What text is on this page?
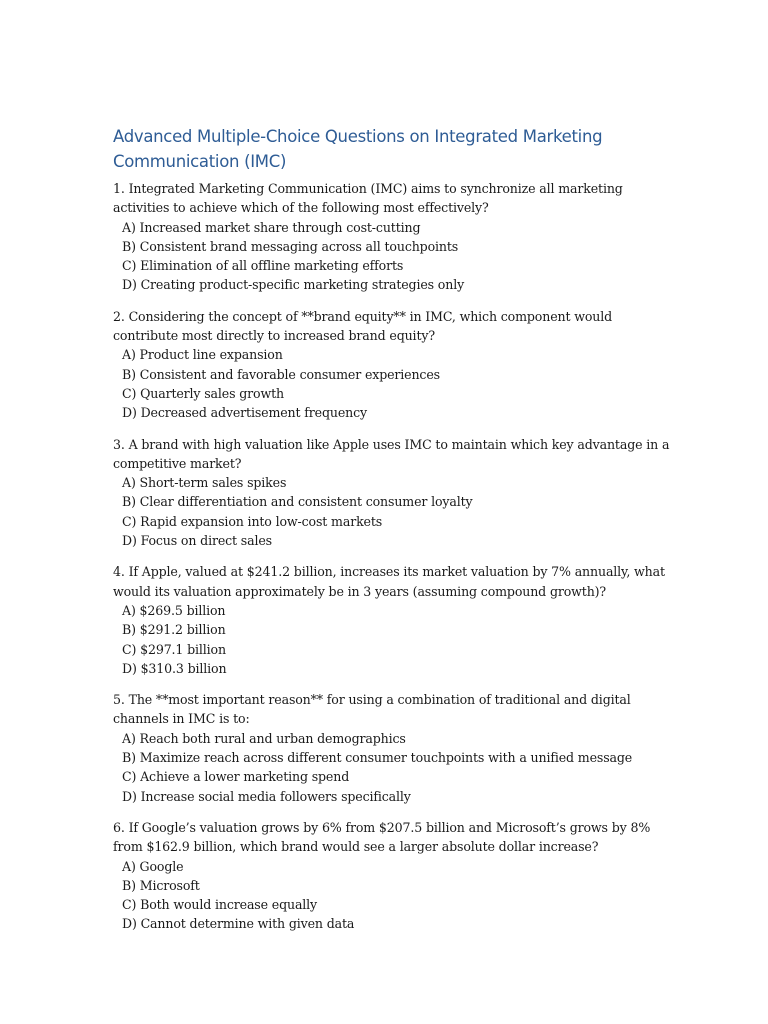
Advanced Multiple-Choice Questions on Integrated Marketing Communication (IMC)

1. Integrated Marketing Communication (IMC) aims to synchronize all marketing activities to achieve which of the following most effectively?

A) Increased market share through cost-cutting
B) Consistent brand messaging across all touchpoints
C) Elimination of all offline marketing efforts
D) Creating product-specific marketing strategies only

2. Considering the concept of **brand equity** in IMC, which component would contribute most directly to increased brand equity?

A) Product line expansion
B) Consistent and favorable consumer experiences
C) Quarterly sales growth
D) Decreased advertisement frequency

3. A brand with high valuation like Apple uses IMC to maintain which key advantage in a competitive market?

A) Short-term sales spikes
B) Clear differentiation and consistent consumer loyalty
C) Rapid expansion into low-cost markets
D) Focus on direct sales

4. If Apple, valued at $241.2 billion, increases its market valuation by 7% annually, what would its valuation approximately be in 3 years (assuming compound growth)?

A) $269.5 billion
B) $291.2 billion
C) $297.1 billion
D) $310.3 billion

5. The **most important reason** for using a combination of traditional and digital channels in IMC is to:

A) Reach both rural and urban demographics
B) Maximize reach across different consumer touchpoints with a unified message
C) Achieve a lower marketing spend
D) Increase social media followers specifically

6. If Google’s valuation grows by 6% from $207.5 billion and Microsoft’s grows by 8% from $162.9 billion, which brand would see a larger absolute dollar increase?

A) Google
B) Microsoft
C) Both would increase equally
D) Cannot determine with given data
